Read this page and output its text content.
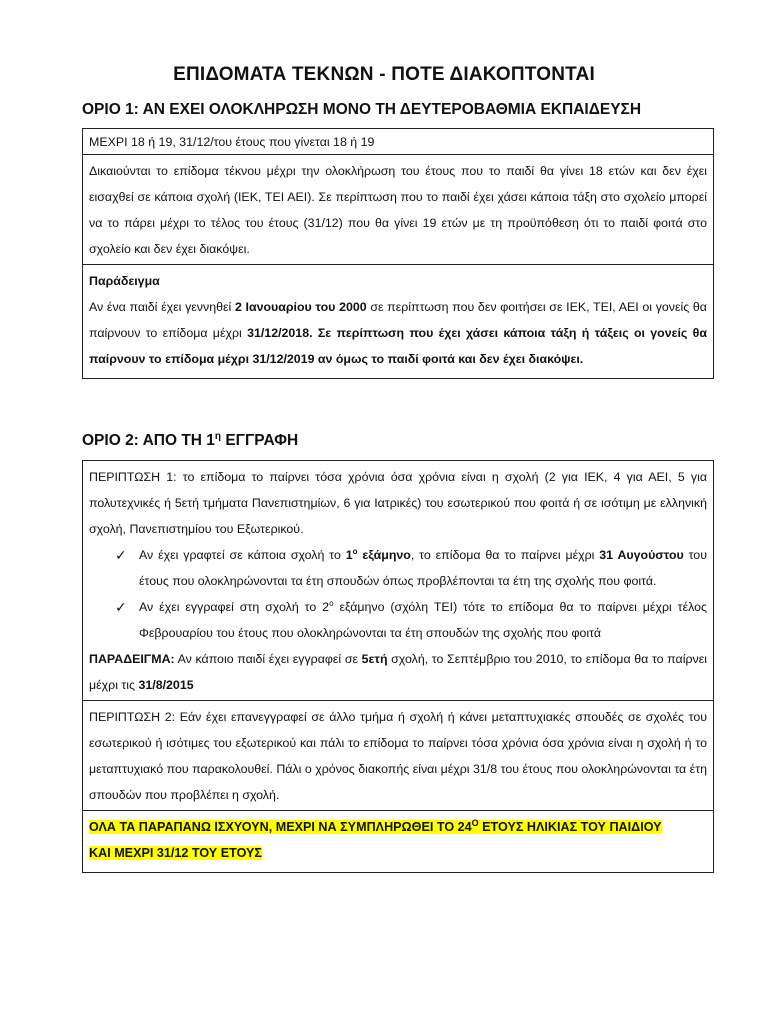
ΕΠΙΔΟΜΑΤΑ ΤΕΚΝΩΝ - ΠΟΤΕ ΔΙΑΚΟΠΤΟΝΤΑΙ
ΟΡΙΟ 1: ΑΝ ΕΧΕΙ ΟΛΟΚΛΗΡΩΣΗ ΜΟΝΟ ΤΗ ΔΕΥΤΕΡΟΒΑΘΜΙΑ ΕΚΠΑΙΔΕΥΣΗ

ΜΕΧΡΙ 18 ή 19, 31/12/του έτους που γίνεται 18 ή 19

Δικαιούνται το επίδομα τέκνου μέχρι την ολοκλήρωση του έτους που το παιδί θα γίνει 18 ετών και δεν έχει εισαχθεί σε κάποια σχολή (ΙΕΚ, ΤΕΙ ΑΕΙ). Σε περίπτωση που το παιδί έχει χάσει κάποια τάξη στο σχολείο μπορεί να το πάρει μέχρι το τέλος του έτους (31/12) που θα γίνει 19 ετών με τη προϋπόθεση ότι το παιδί φοιτά στο σχολείο και δεν έχει διακόψει.

Παράδειγμα

Αν ένα παιδί έχει γεννηθεί 2 Ιανουαρίου του 2000 σε περίπτωση που δεν φοιτήσει σε ΙΕΚ, ΤΕΙ, ΑΕΙ οι γονείς θα παίρνουν το επίδομα μέχρι 31/12/2018. Σε περίπτωση που έχει χάσει κάποια τάξη ή τάξεις οι γονείς θα παίρνουν το επίδομα μέχρι 31/12/2019 αν όμως το παιδί φοιτά και δεν έχει διακόψει.

ΟΡΙΟ 2: ΑΠΟ ΤΗ $1^\eta$ ΕΓΓΡΑΦΗ

ΠΕΡΙΠΤΩΣΗ 1: το επίδομα το παίρνει τόσα χρόνια όσα χρόνια είναι η σχολή (2 για ΙΕΚ, 4 για ΑΕΙ, 5 για πολυτεχνικές ή 5ετή τμήματα Πανεπιστημίων, 6 για Ιατρικές) του εσωτερικού που φοιτά ή σε ισότιμη με ελληνική σχολή, Πανεπιστημίου του Εξωτερικού.

✓ Αν έχει γραφτεί σε κάποια σχολή το $1^o$ εξάμηνο, το επίδομα θα το παίρνει μέχρι 31 Αυγούστου του έτους που ολοκληρώνονται τα έτη σπουδών όπως προβλέπονται τα έτη της σχολής που φοιτά.

✓ Αν έχει εγγραφεί στη σχολή το $2^o$ εξάμηνο (σχόλη ΤΕΙ) τότε το επίδομα θα το παίρνει μέχρι τέλος Φεβρουαρίου του έτους που ολοκληρώνονται τα έτη σπουδών της σχολής που φοιτά

ΠΑΡΑΔΕΙΓΜΑ: Αν κάποιο παιδί έχει εγγραφεί σε 5ετή σχολή, το Σεπτέμβριο του 2010, το επίδομα θα το παίρνει μέχρι τις 31/8/2015

ΠΕΡΙΠΤΩΣΗ 2: Εάν έχει επανεγγραφεί σε άλλο τμήμα ή σχολή ή κάνει μεταπτυχιακές σπουδές σε σχολές του εσωτερικού ή ισότιμες του εξωτερικού και πάλι το επίδομα το παίρνει τόσα χρόνια όσα χρόνια είναι η σχολή ή το μεταπτυχιακό που παρακολουθεί. Πάλι ο χρόνος διακοπής είναι μέχρι 31/8 του έτους που ολοκληρώνονται τα έτη σπουδών που προβλέπει η σχολή.

ΟΛΑ ΤΑ ΠΑΡΑΠΑΝΩ ΙΣΧΥΟΥΝ, ΜΕΧΡΙ ΝΑ ΣΥΜΠΛΗΡΩΘΕΙ ΤΟ $24^O$ ΕΤΟΥΣ ΗΛΙΚΙΑΣ ΤΟΥ ΠΑΙΔΙΟΥ
ΚΑΙ ΜΕΧΡΙ 31/12 ΤΟΥ ΕΤΟΥΣ
